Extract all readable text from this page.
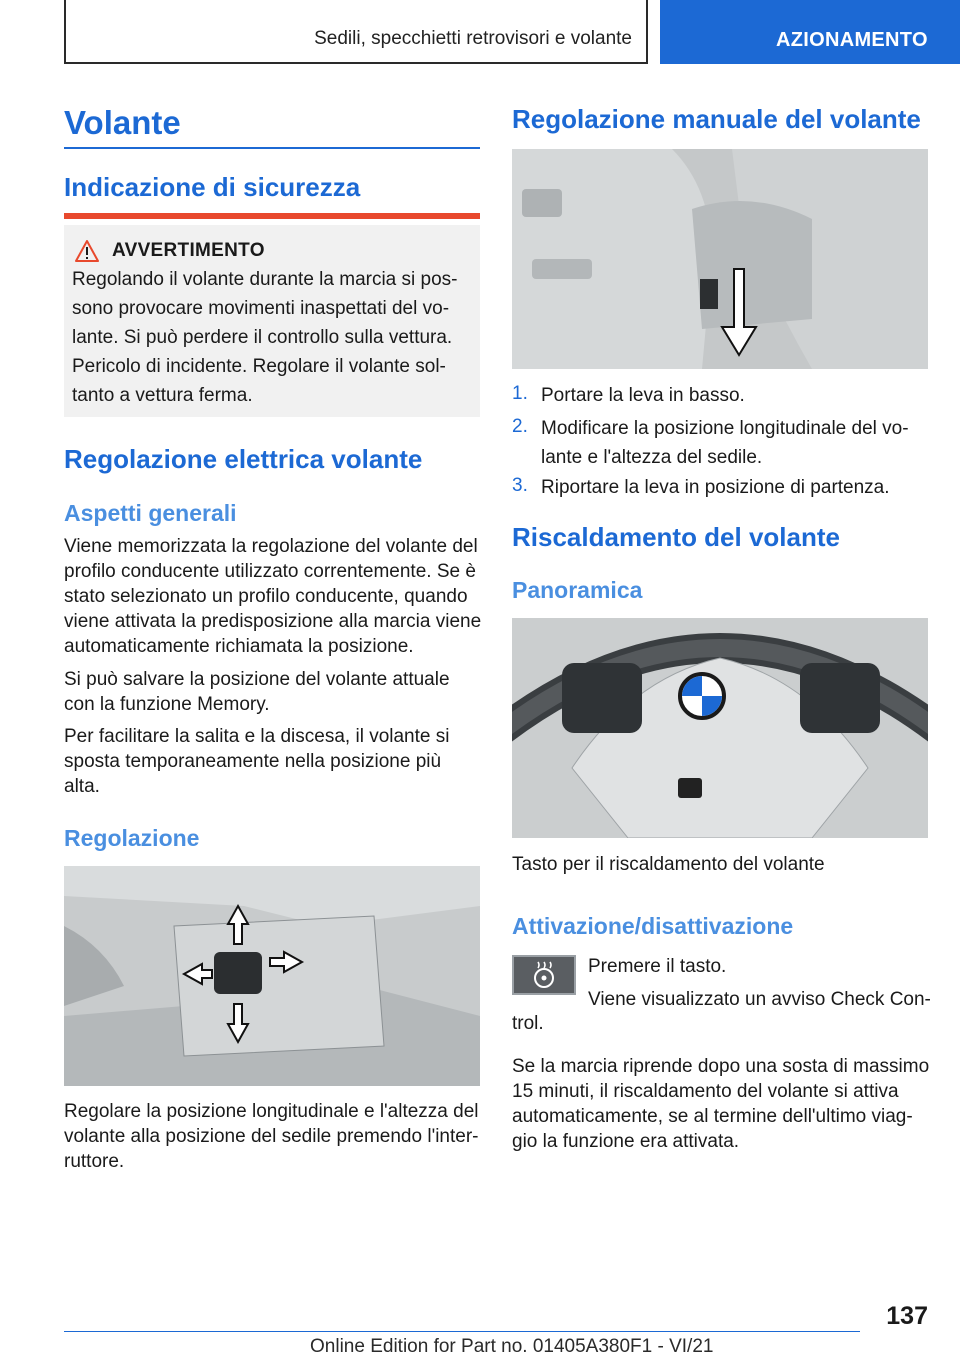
Sedili, specchietti retrovisori e volante	AZIONAMENTO
Volante
Indicazione di sicurezza
AVVERTIMENTO
Regolando il volante durante la marcia si pos-
sono provocare movimenti inaspettati del vo-
lante. Si può perdere il controllo sulla vettura.
Pericolo di incidente. Regolare il volante sol-
tanto a vettura ferma.
Regolazione elettrica volante
Aspetti generali
Viene memorizzata la regolazione del volante del
profilo conducente utilizzato correntemente. Se è
stato selezionato un profilo conducente, quando
viene attivata la predisposizione alla marcia viene
automaticamente richiamata la posizione.
Si può salvare la posizione del volante attuale
con la funzione Memory.
Per facilitare la salita e la discesa, il volante si
sposta temporaneamente nella posizione più
alta.
Regolazione
Regolare la posizione longitudinale e l'altezza del
volante alla posizione del sedile premendo l'inter-
ruttore.
Regolazione manuale del volante
1. Portare la leva in basso.
2. Modificare la posizione longitudinale del vo-
lante e l'altezza del sedile.
3. Riportare la leva in posizione di partenza.
Riscaldamento del volante
Panoramica
Tasto per il riscaldamento del volante
Attivazione/disattivazione
Premere il tasto.
Viene visualizzato un avviso Check Con-
trol.
Se la marcia riprende dopo una sosta di massimo
15 minuti, il riscaldamento del volante si attiva
automaticamente, se al termine dell'ultimo viag-
gio la funzione era attivata.
137
Online Edition for Part no. 01405A380F1 - VI/21
